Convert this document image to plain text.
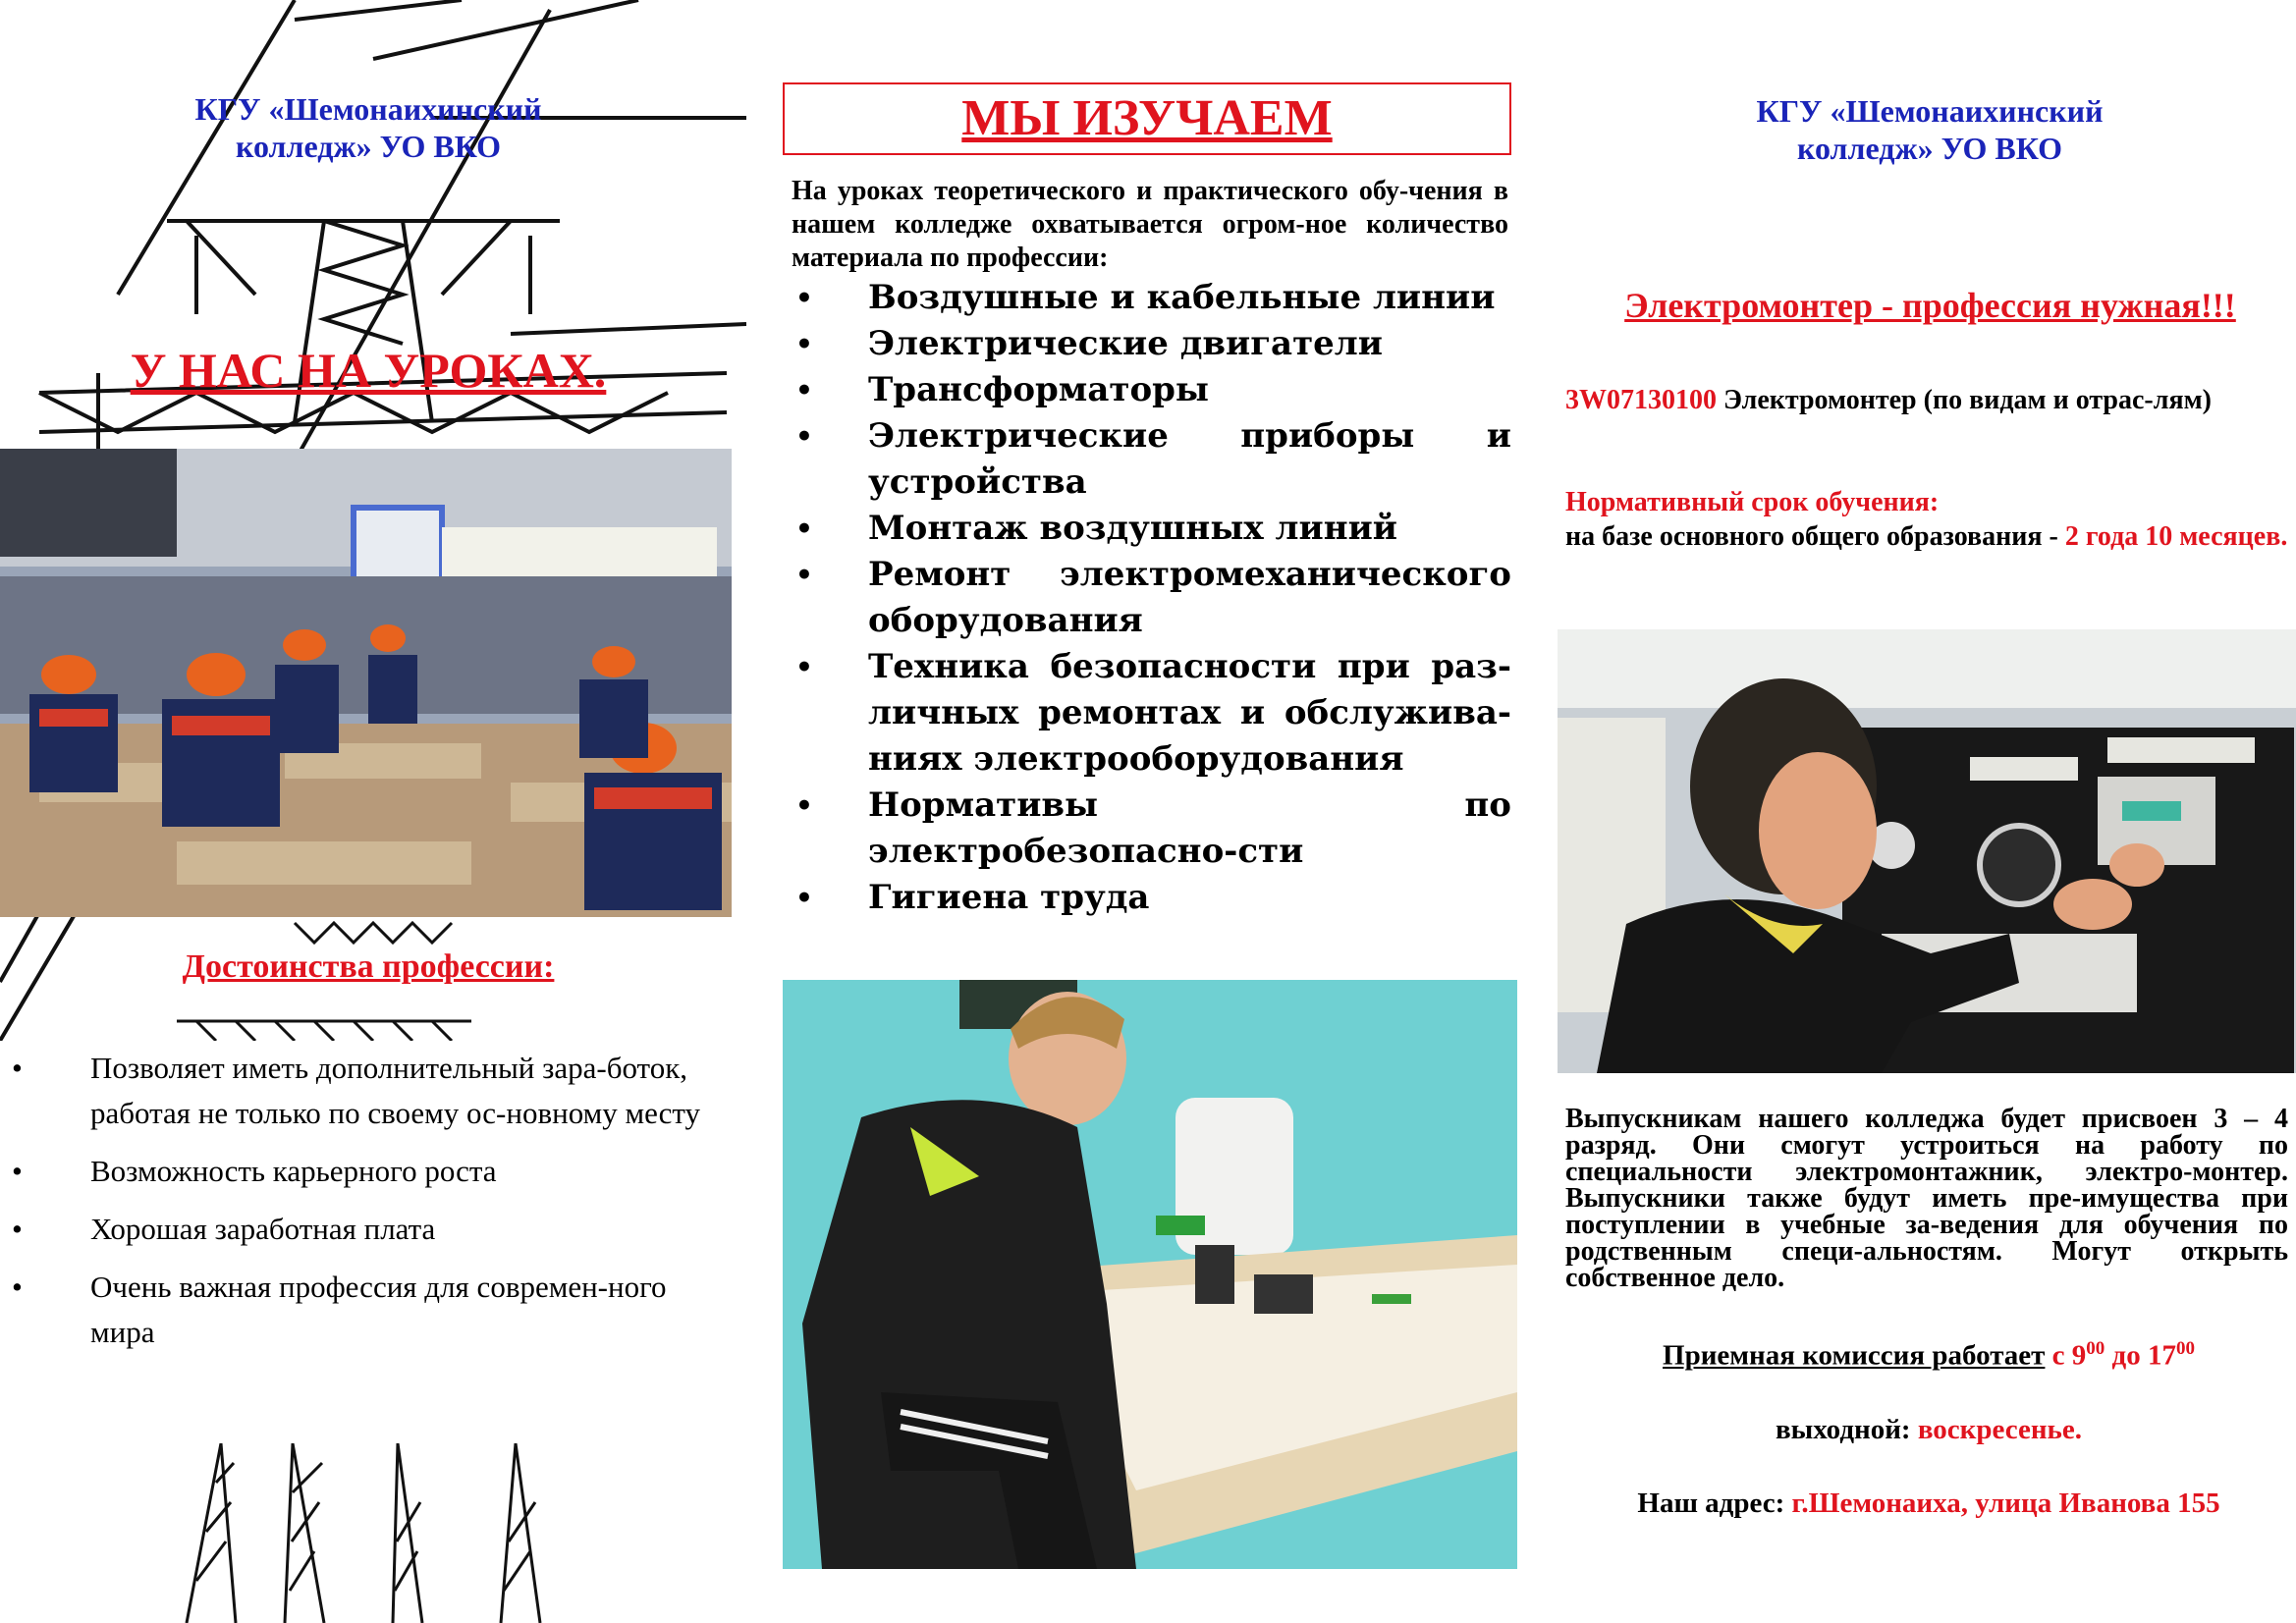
КГУ «Шемонаихинский
колледж» УО ВКО
У НАС НА УРОКАХ.
Достоинства профессии:
• Позволяет иметь дополнительный зара-боток, работая не только по своему ос-новному месту
• Возможность карьерного роста
• Хорошая заработная плата
• Очень важная профессия для современ-ного мира
МЫ ИЗУЧАЕМ
На уроках теоретического и практического обу-чения в нашем колледже охватывается огром-ное количество материала по профессии:
• Воздушные и кабельные линии
• Электрические двигатели
• Трансформаторы
• Электрические приборы и устройства
• Монтаж воздушных линий
• Ремонт электромеханического оборудования
• Техника безопасности при раз-личных ремонтах и обслужива-ниях электрооборудования
• Нормативы по электробезопасно-сти
• Гигиена труда
КГУ «Шемонаихинский
колледж» УО ВКО
Электромонтер - профессия нужная!!!
3W07130100 Электромонтер (по видам и отрас-лям)
Нормативный срок обучения:
на базе основного общего образования - 2 года 10 месяцев.
Выпускникам нашего колледжа будет присвоен 3 – 4 разряд. Они смогут устроиться на работу по специальности электромонтажник, электро-монтер. Выпускники также будут иметь пре-имущества при поступлении в учебные за-ведения для обучения по родственным специ-альностям. Могут открыть собственное дело.
Приемная комиссия работает с $9^{00}$ до $17^{00}$
выходной: воскресенье.
Наш адрес: г.Шемонаиха, улица Иванова 155
